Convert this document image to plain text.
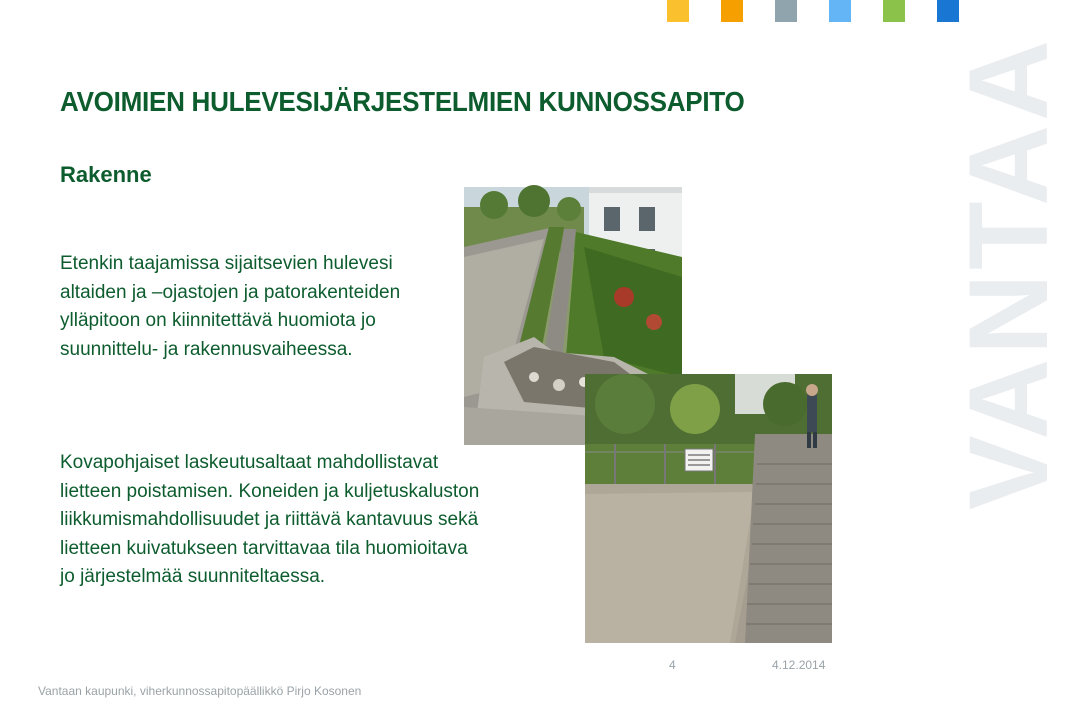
VANTAA
AVOIMIEN HULEVESIJÄRJESTELMIEN KUNNOSSAPITO
Rakenne
Etenkin taajamissa sijaitsevien hulevesi
altaiden ja –ojastojen ja patorakenteiden
ylläpitoon on kiinnitettävä huomiota jo
suunnittelu- ja rakennusvaiheessa.
Kovapohjaiset laskeutusaltaat mahdollistavat
lietteen poistamisen. Koneiden ja kuljetuskaluston
liikkumismahdollisuudet ja riittävä kantavuus sekä
lietteen kuivatukseen tarvittavaa tila huomioitava
jo järjestelmää suunniteltaessa.
4	4.12.2014
Vantaan kaupunki, viherkunnossapitopäällikkö Pirjo Kosonen
